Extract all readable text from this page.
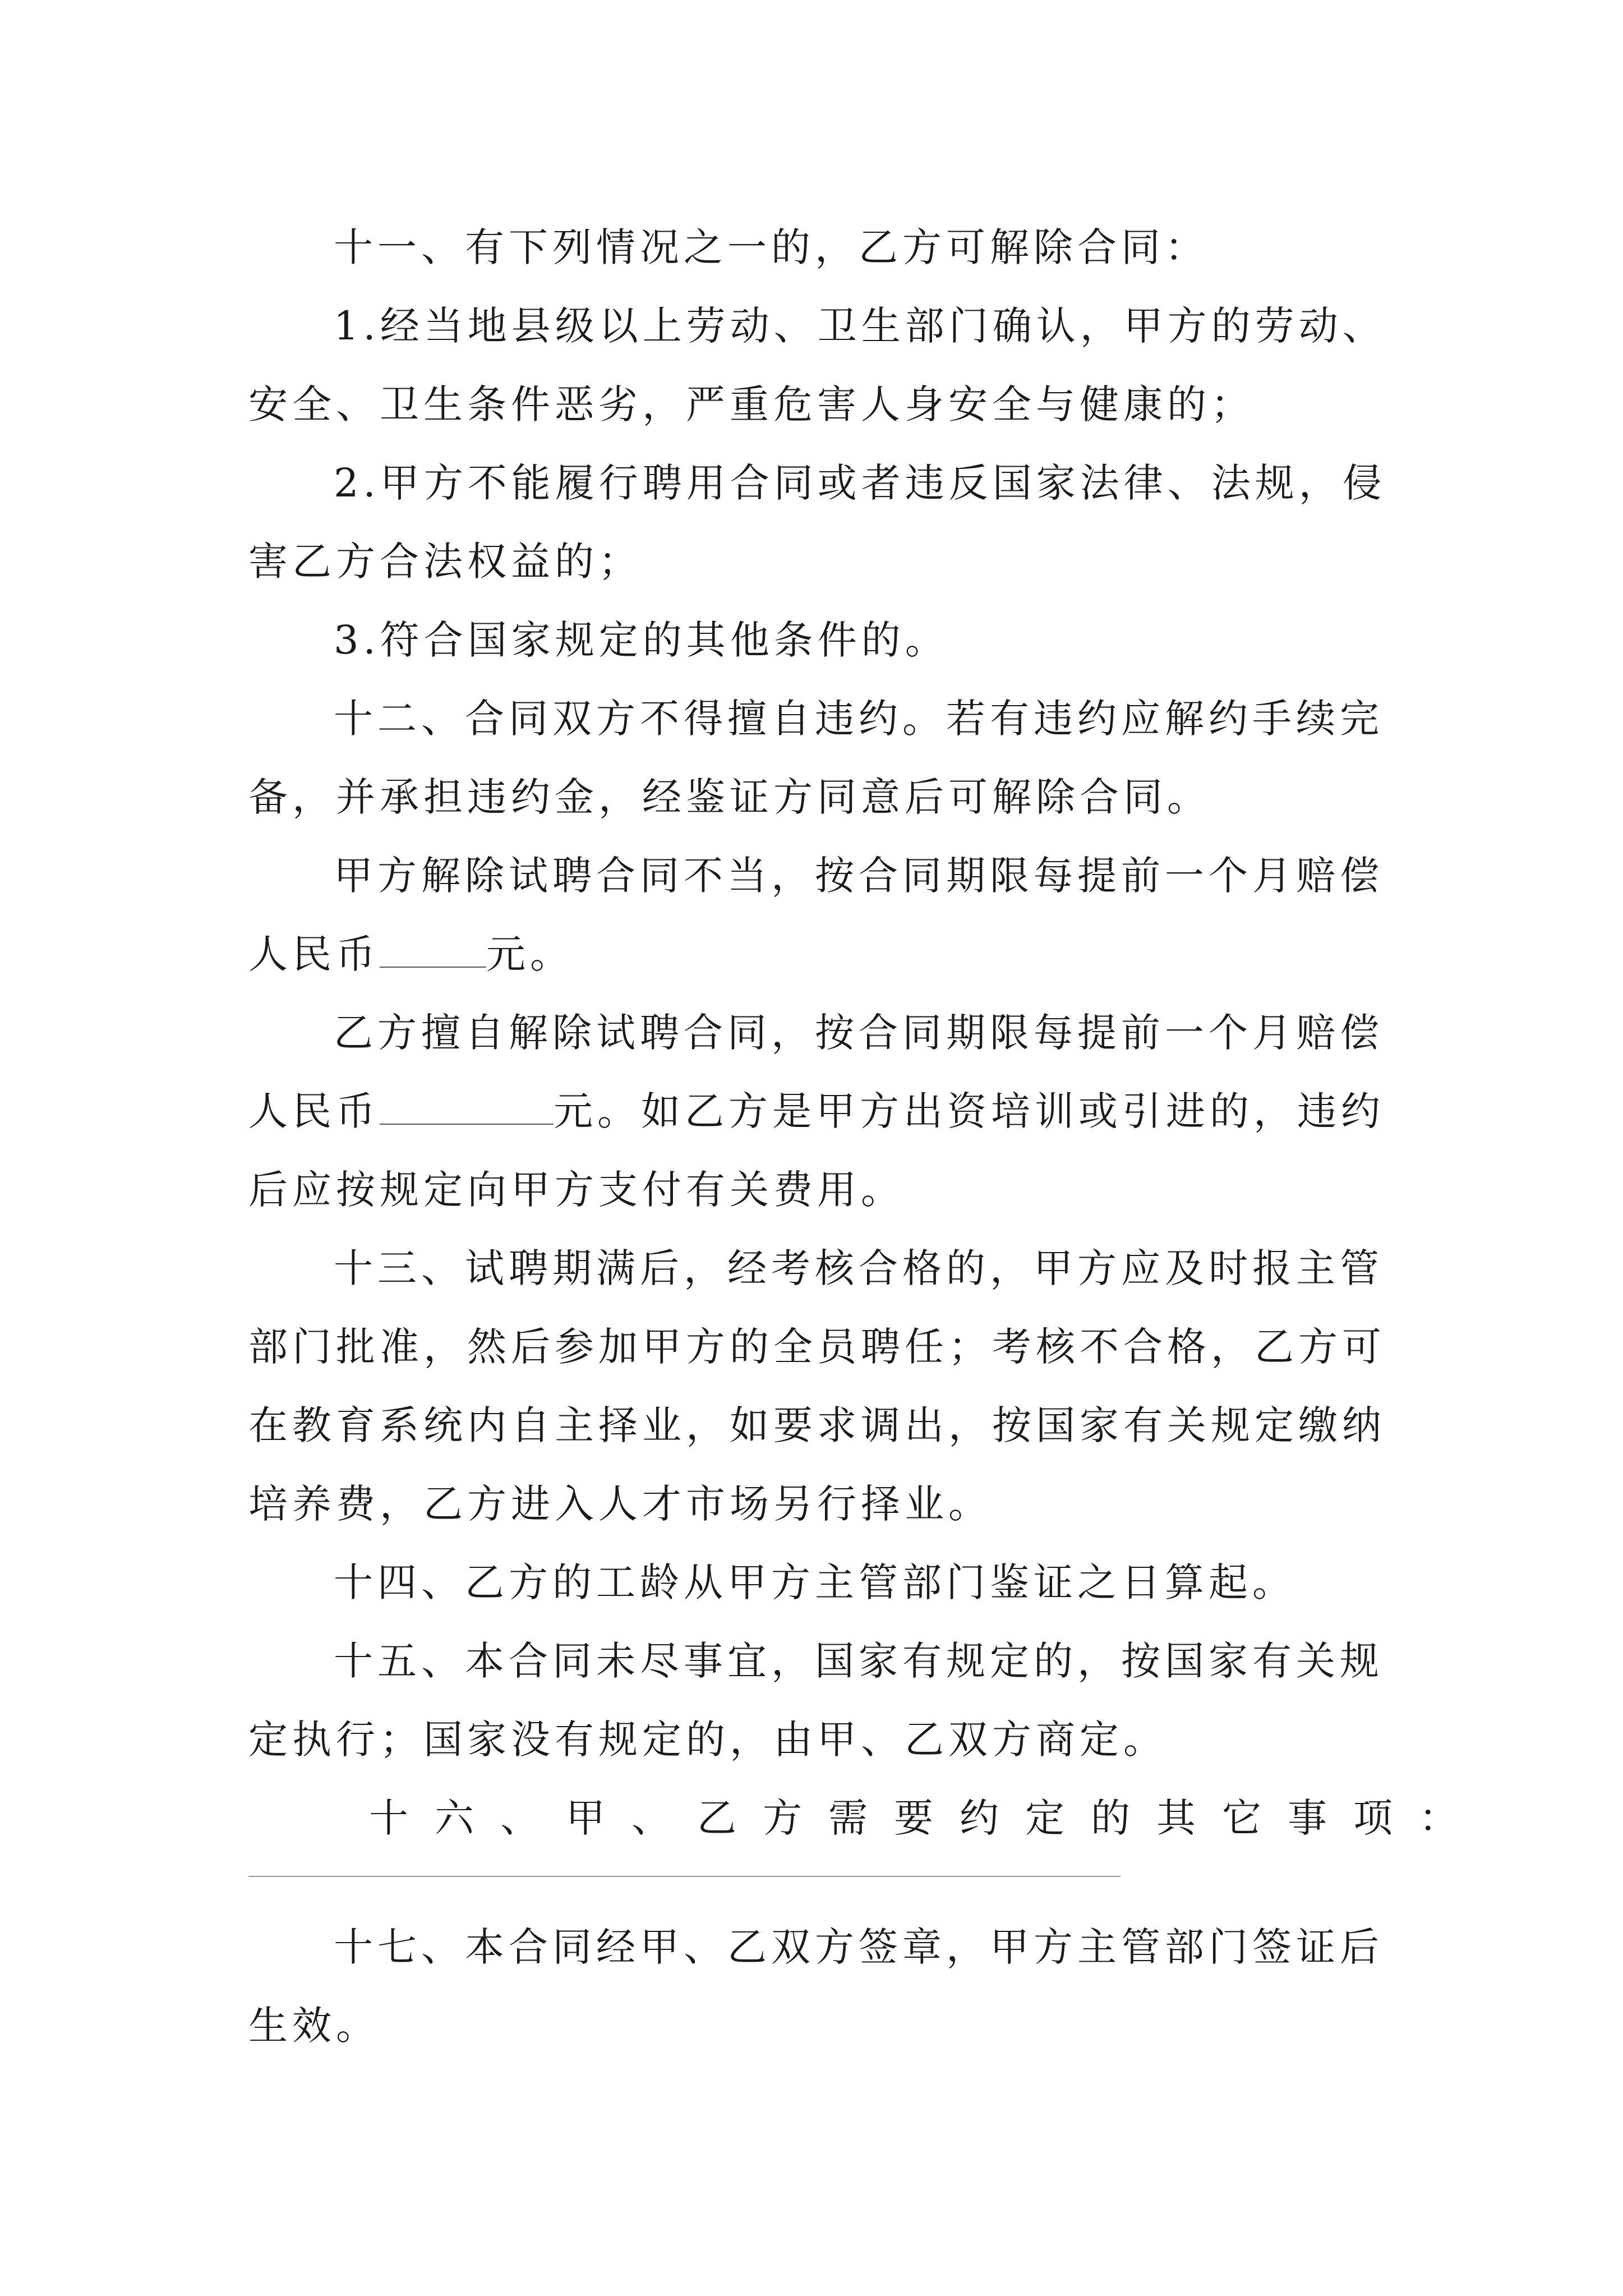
十一、有下列情况之一的，乙方可解除合同：

1.经当地县级以上劳动、卫生部门确认，甲方的劳动、

安全、卫生条件恶劣，严重危害人身安全与健康的；

2.甲方不能履行聘用合同或者违反国家法律、法规，侵

害乙方合法权益的；

3.符合国家规定的其他条件的。

十二、合同双方不得擅自违约。若有违约应解约手续完

备，并承担违约金，经鉴证方同意后可解除合同。

甲方解除试聘合同不当，按合同期限每提前一个月赔偿

人民币	元。

乙方擅自解除试聘合同，按合同期限每提前一个月赔偿

人民币	元。如乙方是甲方出资培训或引进的，违约

后应按规定向甲方支付有关费用。

十三、试聘期满后，经考核合格的，甲方应及时报主管

部门批准，然后参加甲方的全员聘任；考核不合格，乙方可

在教育系统内自主择业，如要求调出，按国家有关规定缴纳

培养费，乙方进入人才市场另行择业。

十四、乙方的工龄从甲方主管部门鉴证之日算起。

十五、本合同未尽事宜，国家有规定的，按国家有关规

定执行；国家没有规定的，由甲、乙双方商定。

十六、甲、乙方需要约定的其它事项：

十七、本合同经甲、乙双方签章，甲方主管部门签证后

生效。
